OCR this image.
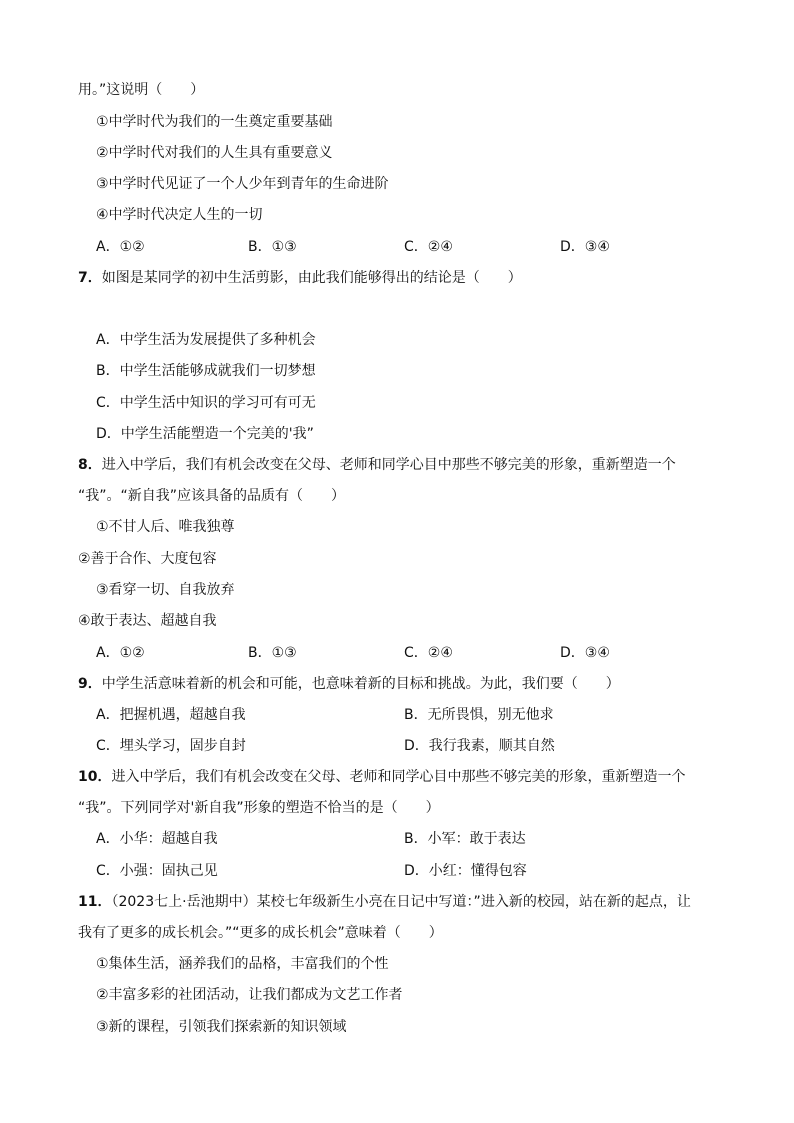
用。”这说明（　　）
①中学时代为我们的一生奠定重要基础
②中学时代对我们的人生具有重要意义
③中学时代见证了一个人少年到青年的生命进阶
④中学时代决定人生的一切
A．①②	B．①③	C．②④	D．③④
7．如图是某同学的初中生活剪影，由此我们能够得出的结论是（　　）
A．中学生活为发展提供了多种机会
B．中学生活能够成就我们一切梦想
C．中学生活中知识的学习可有可无
D．中学生活能塑造一个完美的'我”
8．进入中学后，我们有机会改变在父母、老师和同学心目中那些不够完美的形象，重新塑造一个
“我”。“新自我”应该具备的品质有（　　）
①不甘人后、唯我独尊
②善于合作、大度包容
③看穿一切、自我放弃
④敢于表达、超越自我
A．①②	B．①③	C．②④	D．③④
9．中学生活意味着新的机会和可能，也意味着新的目标和挑战。为此，我们要（　　）
A．把握机遇，超越自我	B．无所畏惧，别无他求
C．埋头学习，固步自封	D．我行我素，顺其自然
10．进入中学后，我们有机会改变在父母、老师和同学心目中那些不够完美的形象，重新塑造一个
“我”。下列同学对'新自我”形象的塑造不恰当的是（　　）
A．小华：超越自我	B．小军：敢于表达
C．小强：固执己见	D．小红：懂得包容
11．（2023七上·岳池期中）某校七年级新生小亮在日记中写道：”进入新的校园，站在新的起点，让
我有了更多的成长机会。”“更多的成长机会”意味着（　　）
①集体生活，涵养我们的品格，丰富我们的个性
②丰富多彩的社团活动，让我们都成为文艺工作者
③新的课程，引领我们探索新的知识领域
